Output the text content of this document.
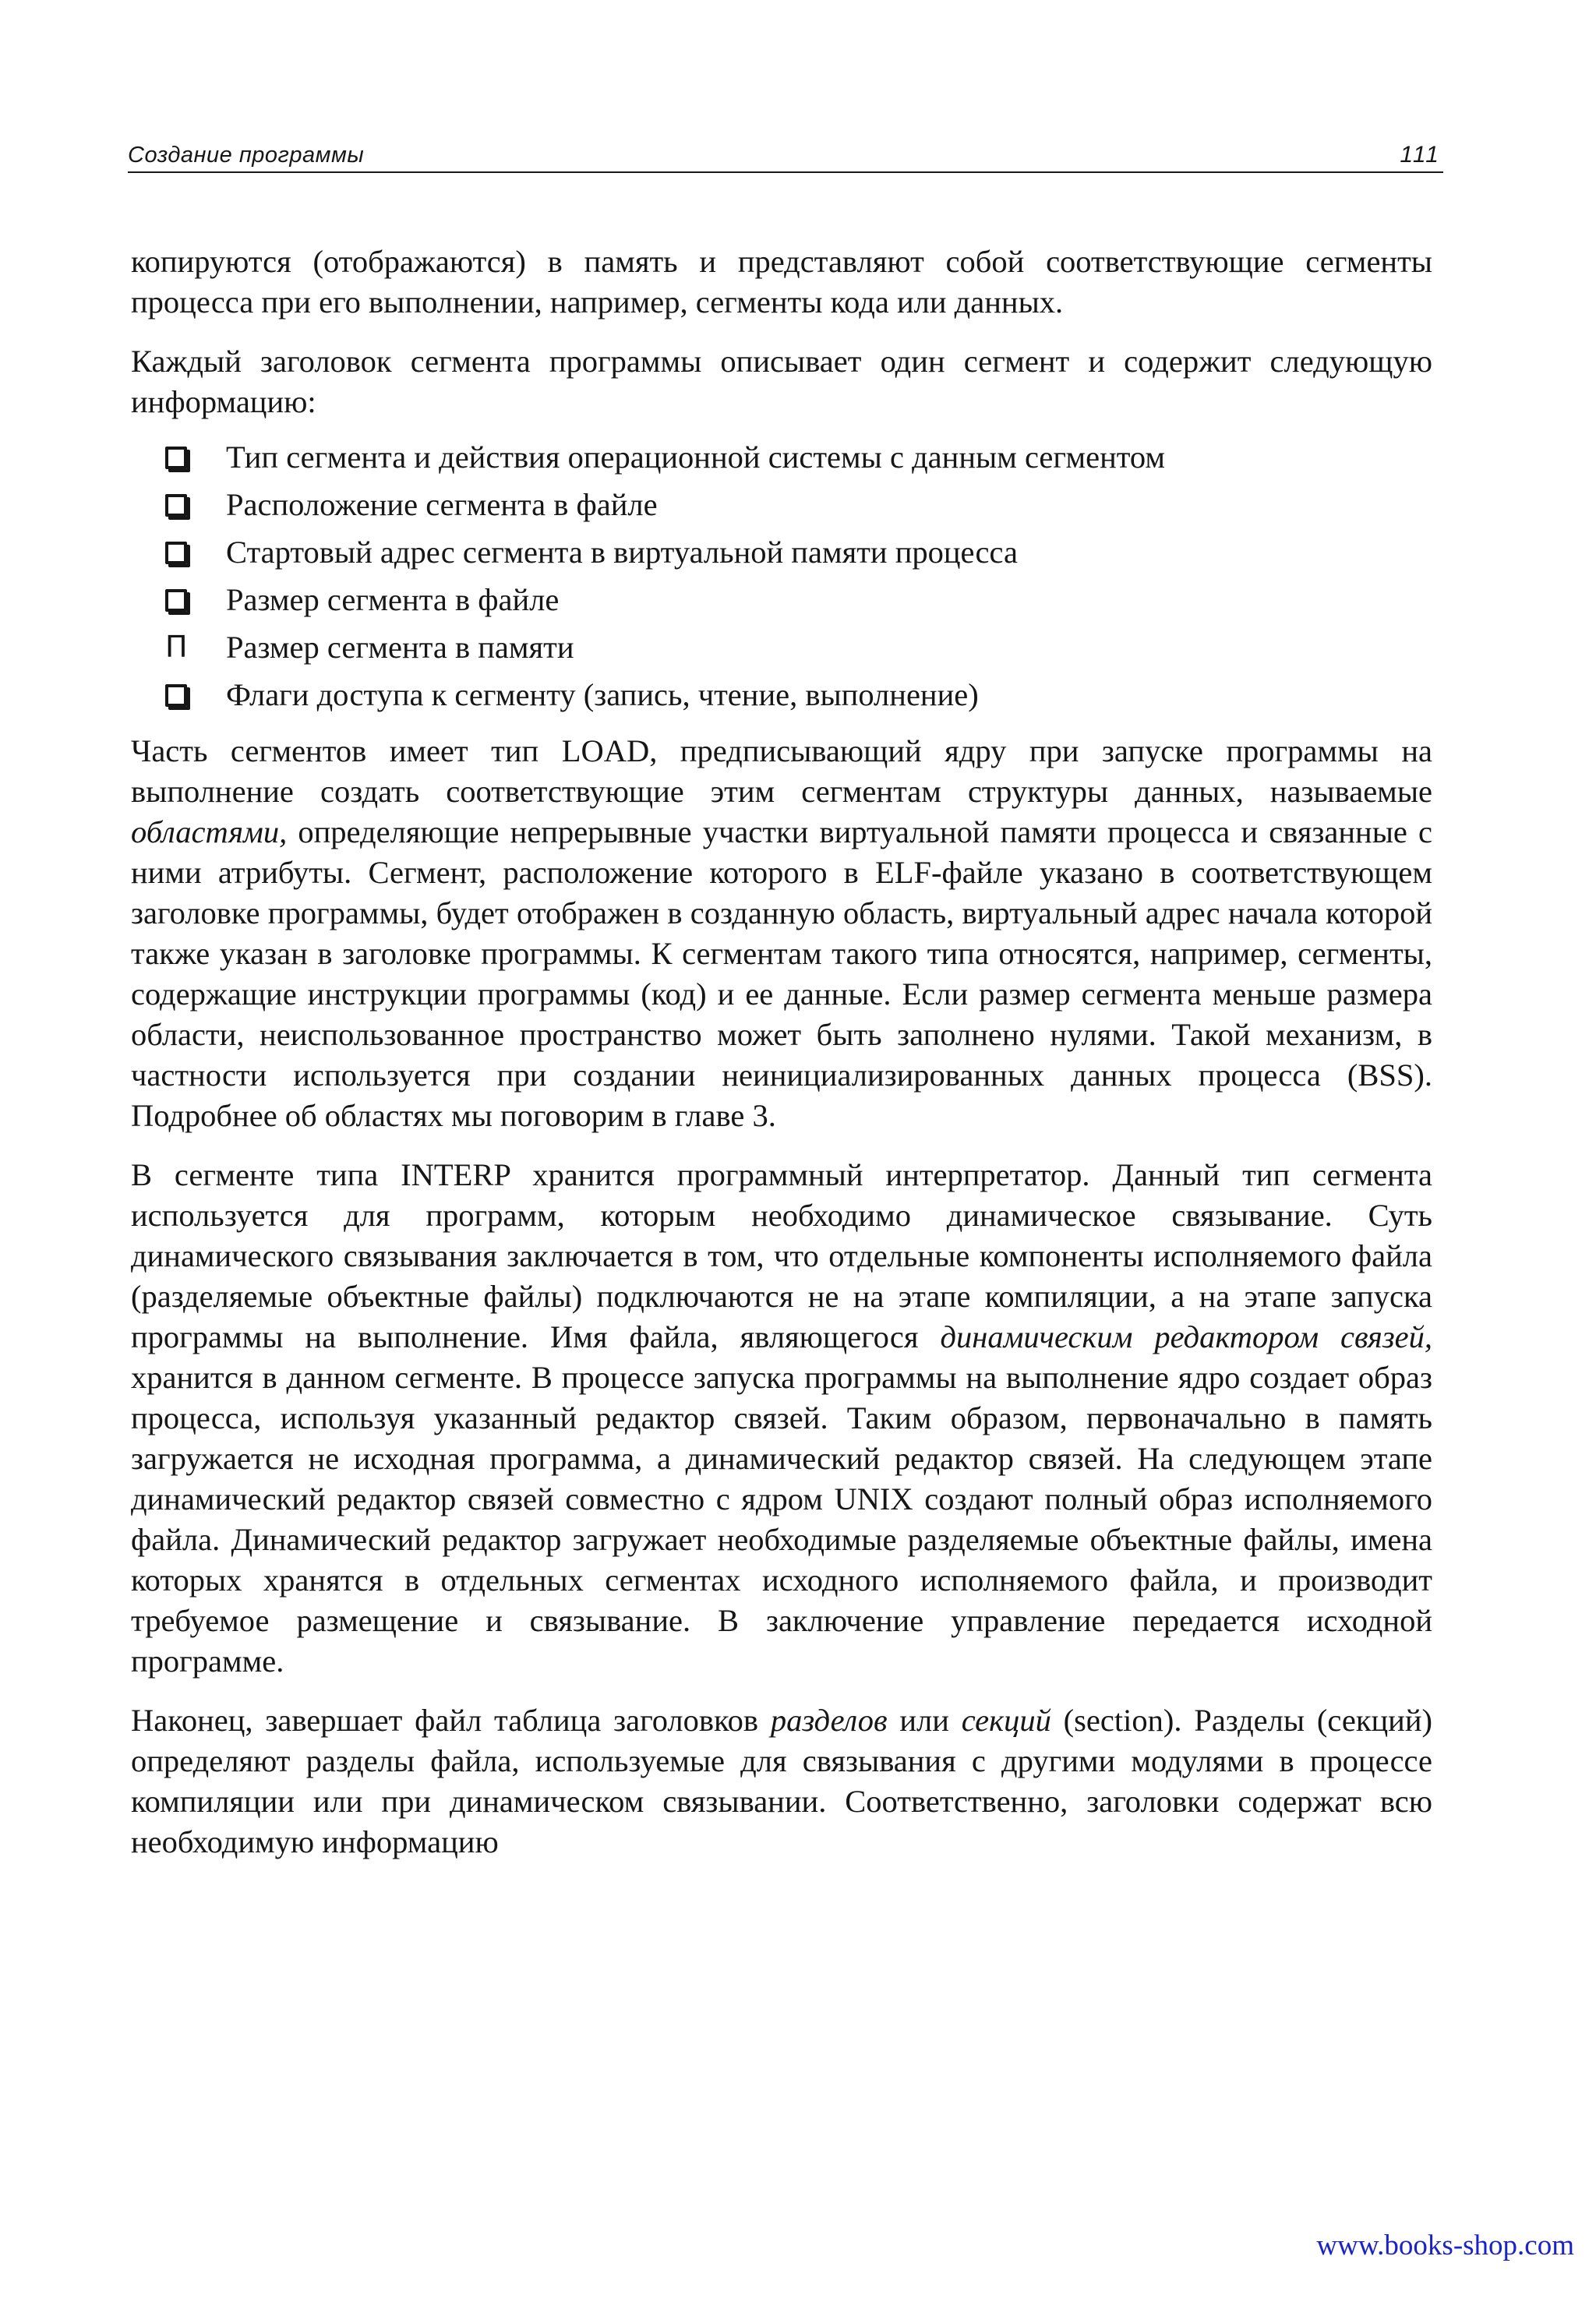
Создание программы	111

копируются (отображаются) в память и представляют собой соответствующие сегменты процесса при его выполнении, например, сегменты кода или данных.

Каждый заголовок сегмента программы описывает один сегмент и содержит следующую информацию:

Тип сегмента и действия операционной системы с данным сегментом
Расположение сегмента в файле
Стартовый адрес сегмента в виртуальной памяти процесса
Размер сегмента в файле
П Размер сегмента в памяти
Флаги доступа к сегменту (запись, чтение, выполнение)

Часть сегментов имеет тип LOAD, предписывающий ядру при запуске программы на выполнение создать соответствующие этим сегментам структуры данных, называемые областями, определяющие непрерывные участки виртуальной памяти процесса и связанные с ними атрибуты. Сегмент, расположение которого в ELF-файле указано в соответствующем заголовке программы, будет отображен в созданную область, виртуальный адрес начала которой также указан в заголовке программы. К сегментам такого типа относятся, например, сегменты, содержащие инструкции программы (код) и ее данные. Если размер сегмента меньше размера области, неиспользованное пространство может быть заполнено нулями. Такой механизм, в частности используется при создании неинициализированных данных процесса (BSS). Подробнее об областях мы поговорим в главе 3.

В сегменте типа INTERP хранится программный интерпретатор. Данный тип сегмента используется для программ, которым необходимо динамическое связывание. Суть динамического связывания заключается в том, что отдельные компоненты исполняемого файла (разделяемые объектные файлы) подключаются не на этапе компиляции, а на этапе запуска программы на выполнение. Имя файла, являющегося динамическим редактором связей, хранится в данном сегменте. В процессе запуска программы на выполнение ядро создает образ процесса, используя указанный редактор связей. Таким образом, первоначально в память загружается не исходная программа, а динамический редактор связей. На следующем этапе динамический редактор связей совместно с ядром UNIX создают полный образ исполняемого файла. Динамический редактор загружает необходимые разделяемые объектные файлы, имена которых хранятся в отдельных сегментах исходного исполняемого файла, и производит требуемое размещение и связывание. В заключение управление передается исходной программе.

Наконец, завершает файл таблица заголовков разделов или секций (section). Разделы (секций) определяют разделы файла, используемые для связывания с другими модулями в процессе компиляции или при динамическом связывании. Соответственно, заголовки содержат всю необходимую информацию

www.books-shop.com
